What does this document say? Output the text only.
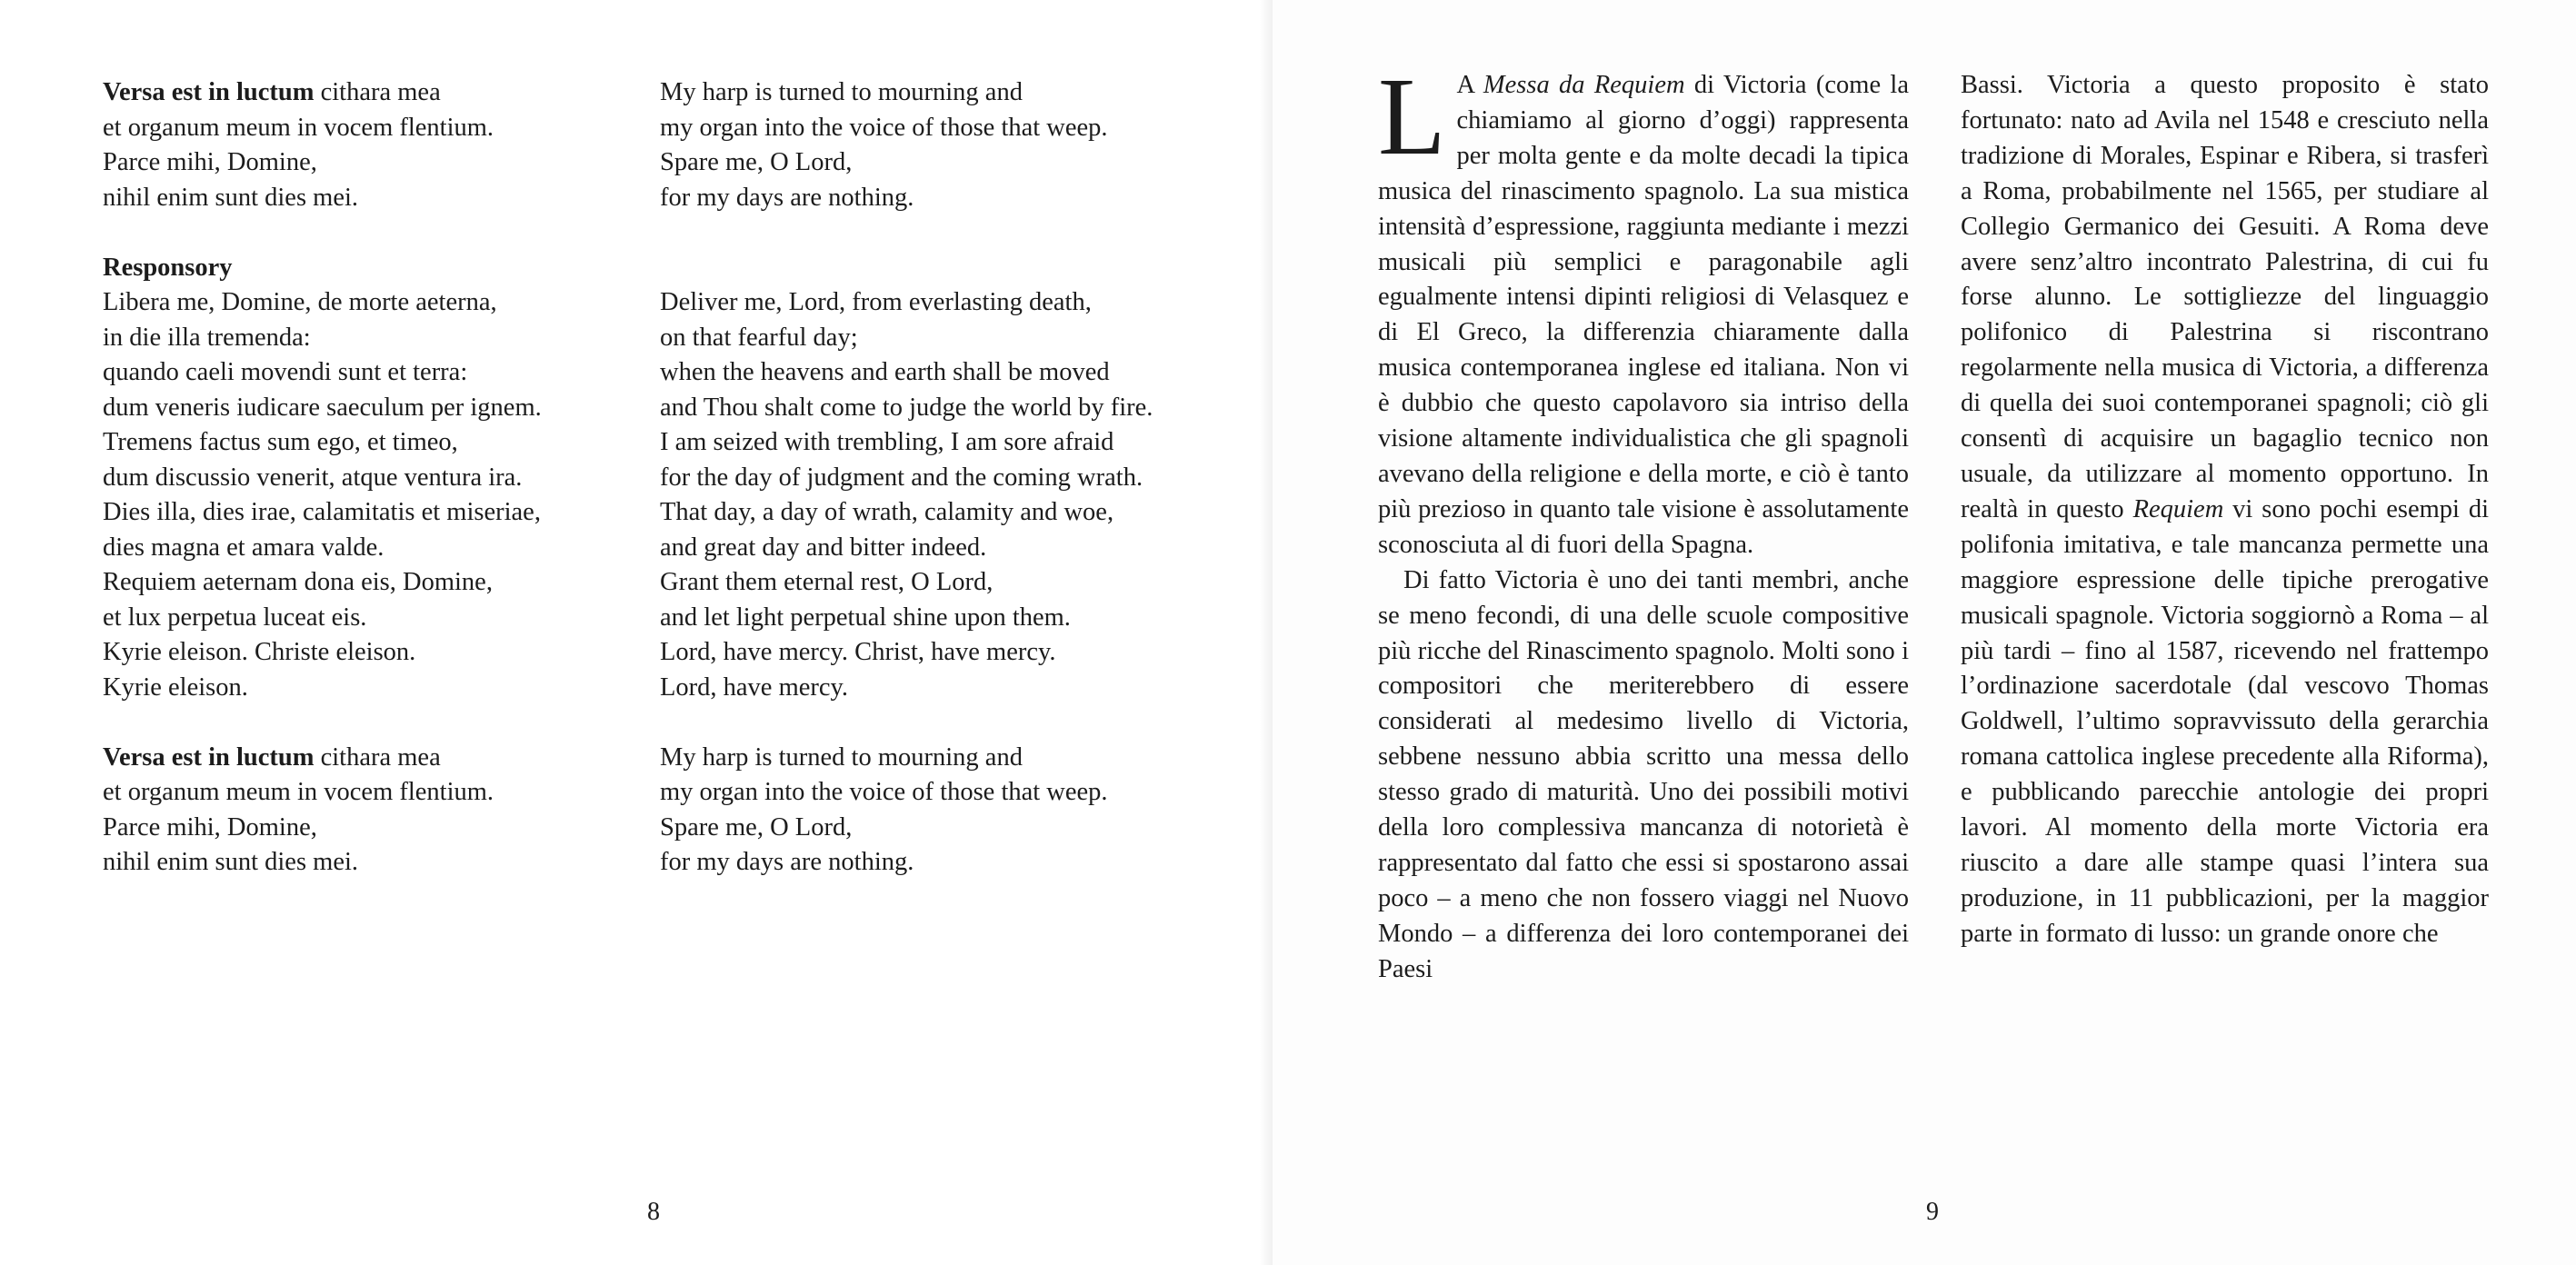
Versa est in luctum cithara mea
et organum meum in vocem flentium.
Parce mihi, Domine,
nihil enim sunt dies mei.
Responsory
Libera me, Domine, de morte aeterna,
in die illa tremenda:
quando caeli movendi sunt et terra:
dum veneris iudicare saeculum per ignem.
Tremens factus sum ego, et timeo,
dum discussio venerit, atque ventura ira.
Dies illa, dies irae, calamitatis et miseriae,
dies magna et amara valde.
Requiem aeternam dona eis, Domine,
et lux perpetua luceat eis.
Kyrie eleison. Christe eleison.
Kyrie eleison.
Versa est in luctum cithara mea
et organum meum in vocem flentium.
Parce mihi, Domine,
nihil enim sunt dies mei.
My harp is turned to mourning and
my organ into the voice of those that weep.
Spare me, O Lord,
for my days are nothing.
Deliver me, Lord, from everlasting death,
on that fearful day;
when the heavens and earth shall be moved
and Thou shalt come to judge the world by fire.
I am seized with trembling, I am sore afraid
for the day of judgment and the coming wrath.
That day, a day of wrath, calamity and woe,
and great day and bitter indeed.
Grant them eternal rest, O Lord,
and let light perpetual shine upon them.
Lord, have mercy. Christ, have mercy.
Lord, have mercy.
My harp is turned to mourning and
my organ into the voice of those that weep.
Spare me, O Lord,
for my days are nothing.
8

L A Messa da Requiem di Victoria (come la chiamiamo al giorno d’oggi) rappresenta per molta gente e da molte decadi la tipica musica del rinascimento spagnolo. La sua mistica intensità d’espressione, raggiunta mediante i mezzi musicali più semplici e paragonabile agli egualmente intensi dipinti religiosi di Velasquez e di El Greco, la differenzia chiaramente dalla musica contemporanea inglese ed italiana. Non vi è dubbio che questo capolavoro sia intriso della visione altamente individualistica che gli spagnoli avevano della religione e della morte, e ciò è tanto più prezioso in quanto tale visione è assolutamente sconosciuta al di fuori della Spagna.

Di fatto Victoria è uno dei tanti membri, anche se meno fecondi, di una delle scuole compositive più ricche del Rinascimento spagnolo. Molti sono i compositori che meriterebbero di essere considerati al medesimo livello di Victoria, sebbene nessuno abbia scritto una messa dello stesso grado di maturità. Uno dei possibili motivi della loro complessiva mancanza di notorietà è rappresentato dal fatto che essi si spostarono assai poco – a meno che non fossero viaggi nel Nuovo Mondo – a differenza dei loro contemporanei dei Paesi

Bassi. Victoria a questo proposito è stato fortunato: nato ad Avila nel 1548 e cresciuto nella tradizione di Morales, Espinar e Ribera, si trasferì a Roma, probabilmente nel 1565, per studiare al Collegio Germanico dei Gesuiti. A Roma deve avere senz’altro incontrato Palestrina, di cui fu forse alunno. Le sottigliezze del linguaggio polifonico di Palestrina si riscontrano regolarmente nella musica di Victoria, a differenza di quella dei suoi contemporanei spagnoli; ciò gli consentì di acquisire un bagaglio tecnico non usuale, da utilizzare al momento opportuno. In realtà in questo Requiem vi sono pochi esempi di polifonia imitativa, e tale mancanza permette una maggiore espressione delle tipiche prerogative musicali spagnole. Victoria soggiornò a Roma – al più tardi – fino al 1587, ricevendo nel frattempo l’ordinazione sacerdotale (dal vescovo Thomas Goldwell, l’ultimo sopravvissuto della gerarchia romana cattolica inglese precedente alla Riforma), e pubblicando parecchie antologie dei propri lavori. Al momento della morte Victoria era riuscito a dare alle stampe quasi l’intera sua produzione, in 11 pubblicazioni, per la maggior parte in formato di lusso: un grande onore che

9
